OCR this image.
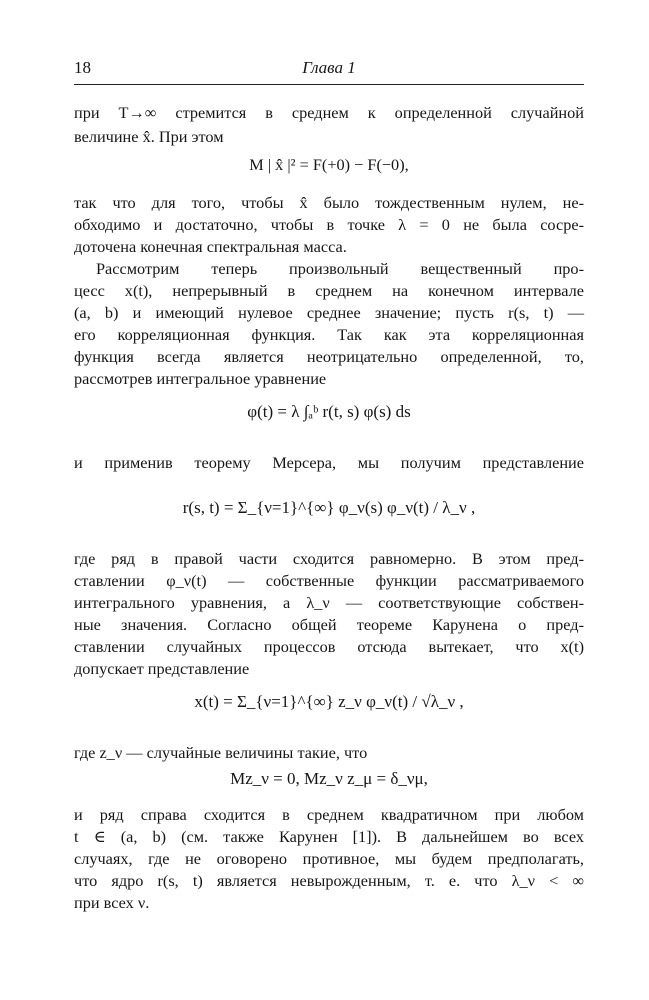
18	Глава 1
при T→∞ стремится в среднем к определенной случайной
величине x̂. При этом
M | x̂ |² = F(+0) − F(−0),
так что для того, чтобы x̂ было тождественным нулем, не-
обходимо и достаточно, чтобы в точке λ = 0 не была сосре-
доточена конечная спектральная масса.
Рассмотрим теперь произвольный вещественный про-
цесс x(t), непрерывный в среднем на конечном интервале
(a, b) и имеющий нулевое среднее значение; пусть r(s, t) —
его корреляционная функция. Так как эта корреляционная
функция всегда является неотрицательно определенной, то,
рассмотрев интегральное уравнение
φ(t) = λ ∫ₐᵇ r(t, s) φ(s) ds
и применив теорему Мерсера, мы получим представление
r(s, t) = Σ_{ν=1}^{∞} φ_ν(s) φ_ν(t) / λ_ν ,
где ряд в правой части сходится равномерно. В этом пред-
ставлении φ_ν(t) — собственные функции рассматриваемого
интегрального уравнения, а λ_ν — соответствующие собствен-
ные значения. Согласно общей теореме Карунена о пред-
ставлении случайных процессов отсюда вытекает, что x(t)
допускает представление
x(t) = Σ_{ν=1}^{∞} z_ν φ_ν(t) / √λ_ν ,
где z_ν — случайные величины такие, что
Mz_ν = 0, Mz_ν z_μ = δ_νμ,
и ряд справа сходится в среднем квадратичном при любом
t ∈ (a, b) (см. также Карунен [1]). В дальнейшем во всех
случаях, где не оговорено противное, мы будем предполагать,
что ядро r(s, t) является невырожденным, т. е. что λ_ν < ∞
при всех ν.
